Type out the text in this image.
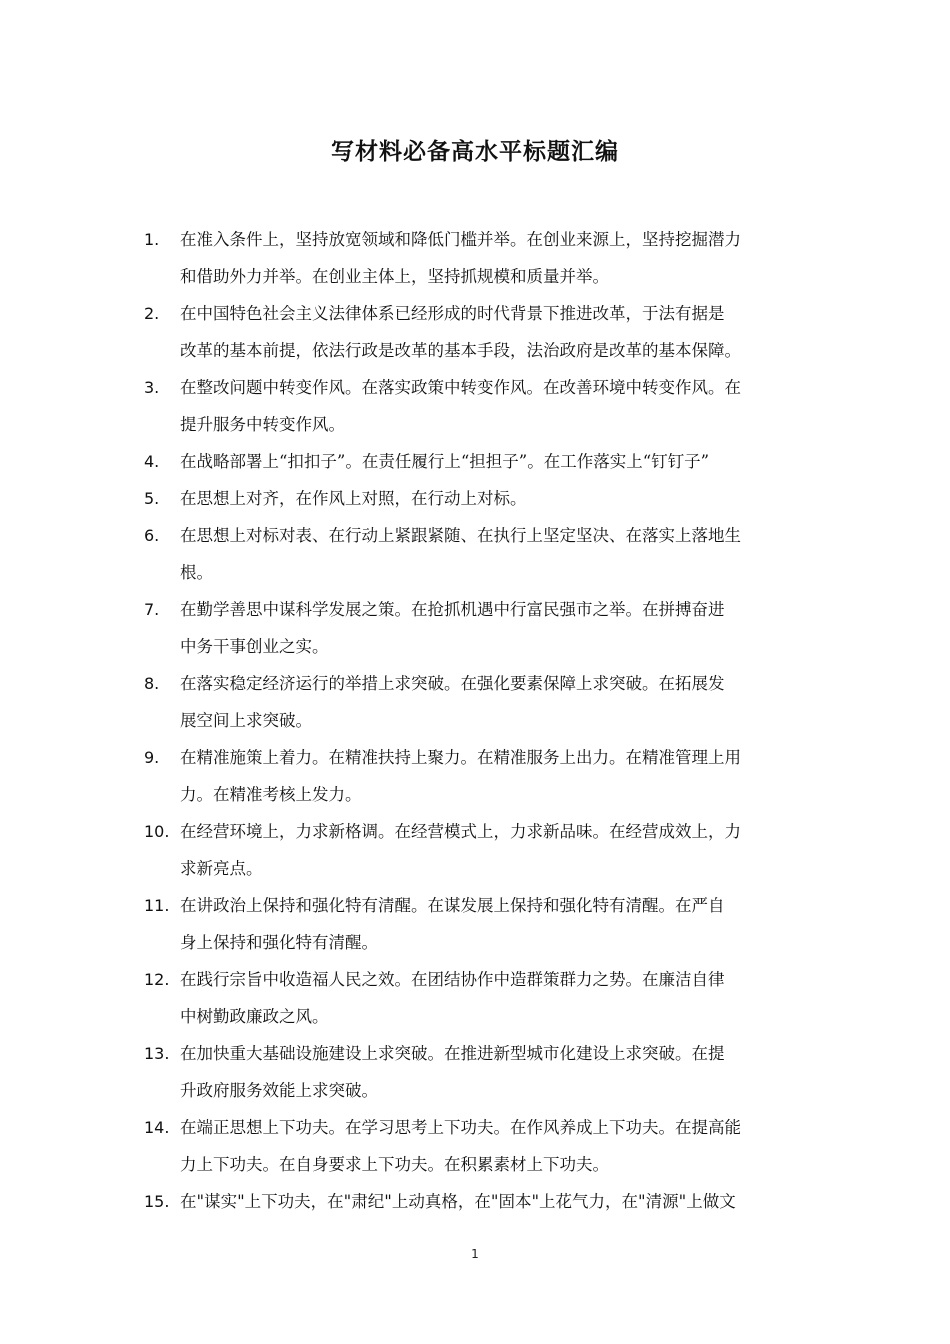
写材料必备高水平标题汇编
1.	在准入条件上，坚持放宽领域和降低门槛并举。在创业来源上，坚持挖掘潜力
和借助外力并举。在创业主体上，坚持抓规模和质量并举。
2.	在中国特色社会主义法律体系已经形成的时代背景下推进改革，于法有据是
改革的基本前提，依法行政是改革的基本手段，法治政府是改革的基本保障。
3.	在整改问题中转变作风。在落实政策中转变作风。在改善环境中转变作风。在
提升服务中转变作风。
4.	在战略部署上“扣扣子”。在责任履行上“担担子”。在工作落实上“钉钉子”
5.	在思想上对齐，在作风上对照，在行动上对标。
6.	在思想上对标对表、在行动上紧跟紧随、在执行上坚定坚决、在落实上落地生
根。
7.	在勤学善思中谋科学发展之策。在抢抓机遇中行富民强市之举。在拼搏奋进
中务干事创业之实。
8.	在落实稳定经济运行的举措上求突破。在强化要素保障上求突破。在拓展发
展空间上求突破。
9.	在精准施策上着力。在精准扶持上聚力。在精准服务上出力。在精准管理上用
力。在精准考核上发力。
10. 在经营环境上，力求新格调。在经营模式上，力求新品味。在经营成效上，力
求新亮点。
11. 在讲政治上保持和强化特有清醒。在谋发展上保持和强化特有清醒。在严自
身上保持和强化特有清醒。
12. 在践行宗旨中收造福人民之效。在团结协作中造群策群力之势。在廉洁自律
中树勤政廉政之风。
13. 在加快重大基础设施建设上求突破。在推进新型城市化建设上求突破。在提
升政府服务效能上求突破。
14. 在端正思想上下功夫。在学习思考上下功夫。在作风养成上下功夫。在提高能
力上下功夫。在自身要求上下功夫。在积累素材上下功夫。
15. 在"谋实"上下功夫，在"肃纪"上动真格，在"固本"上花气力，在"清源"上做文
1
